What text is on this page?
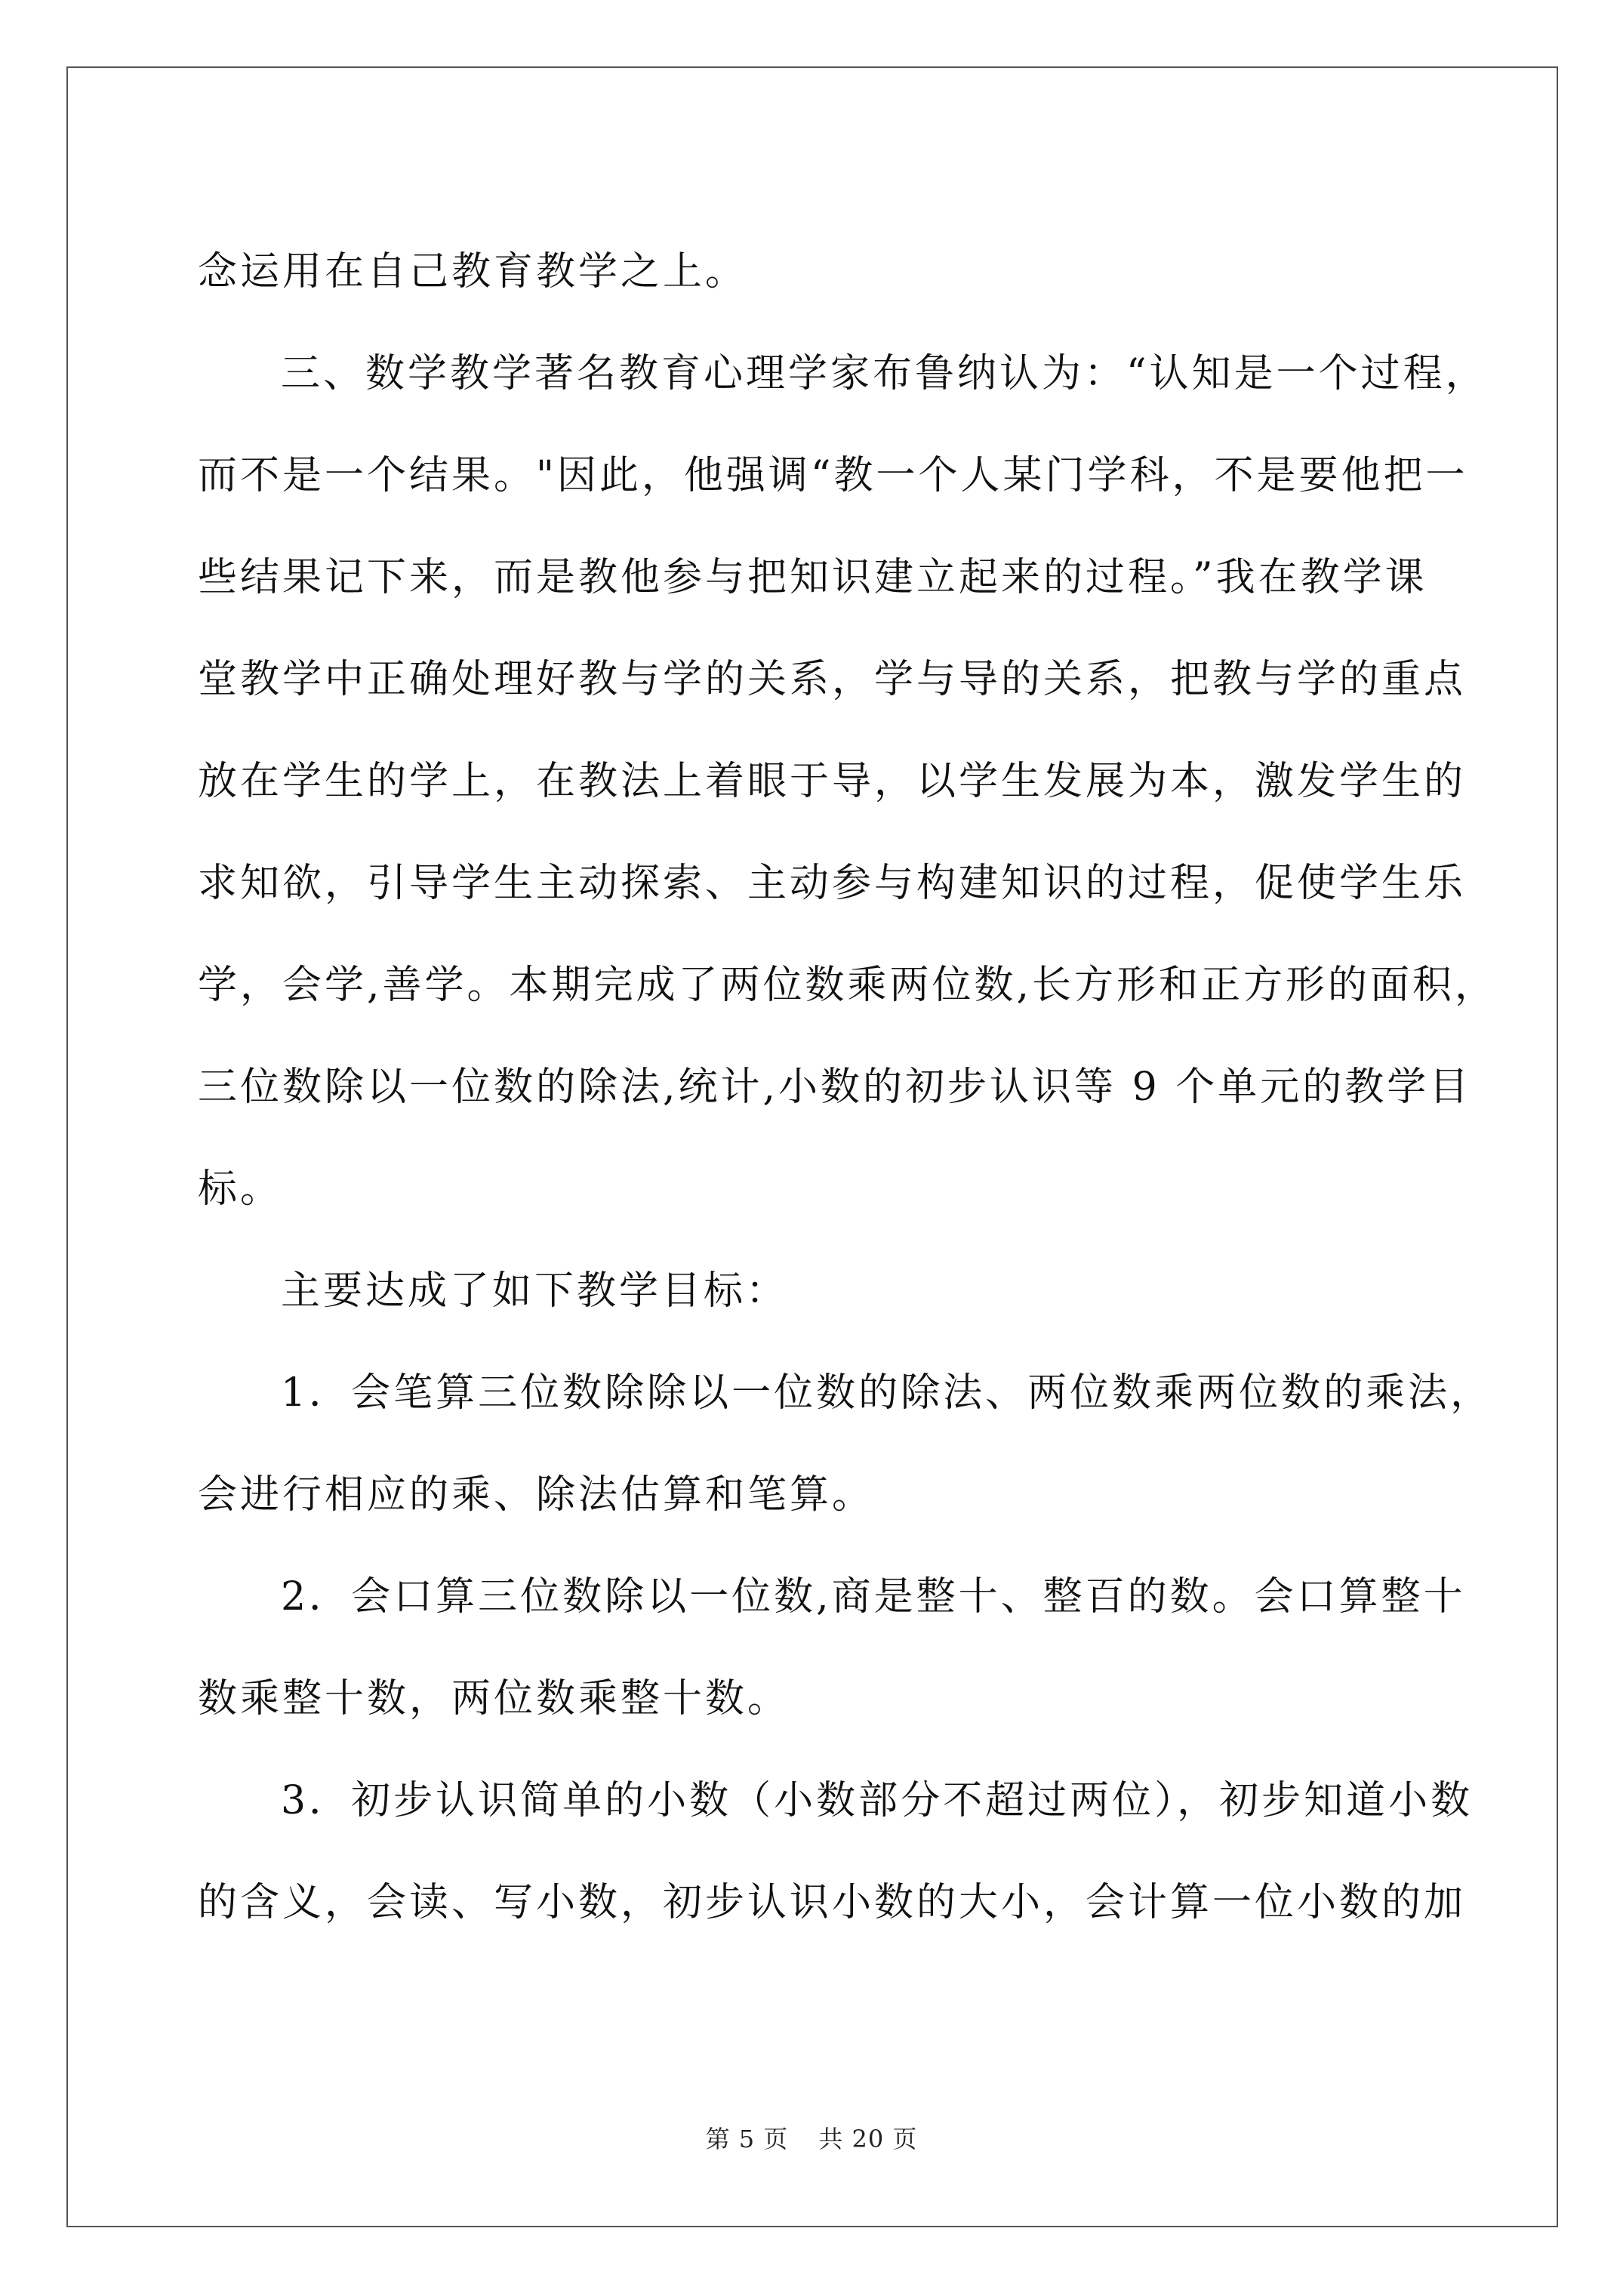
念运用在自己教育教学之上。
三、数学教学著名教育心理学家布鲁纳认为：“认知是一个过程，
而不是一个结果。"因此，他强调“教一个人某门学科，不是要他把一
些结果记下来，而是教他参与把知识建立起来的过程。”我在教学课
堂教学中正确处理好教与学的关系，学与导的关系，把教与学的重点
放在学生的学上，在教法上着眼于导，以学生发展为本，激发学生的
求知欲，引导学生主动探索、主动参与构建知识的过程，促使学生乐
学，会学,善学。本期完成了两位数乘两位数,长方形和正方形的面积，
三位数除以一位数的除法,统计,小数的初步认识等 9 个单元的教学目
标。
主要达成了如下教学目标：
1．会笔算三位数除除以一位数的除法、两位数乘两位数的乘法，
会进行相应的乘、除法估算和笔算。
2．会口算三位数除以一位数,商是整十、整百的数。会口算整十
数乘整十数，两位数乘整十数。
3．初步认识简单的小数（小数部分不超过两位），初步知道小数
的含义，会读、写小数，初步认识小数的大小，会计算一位小数的加
第 5 页 共 20 页
